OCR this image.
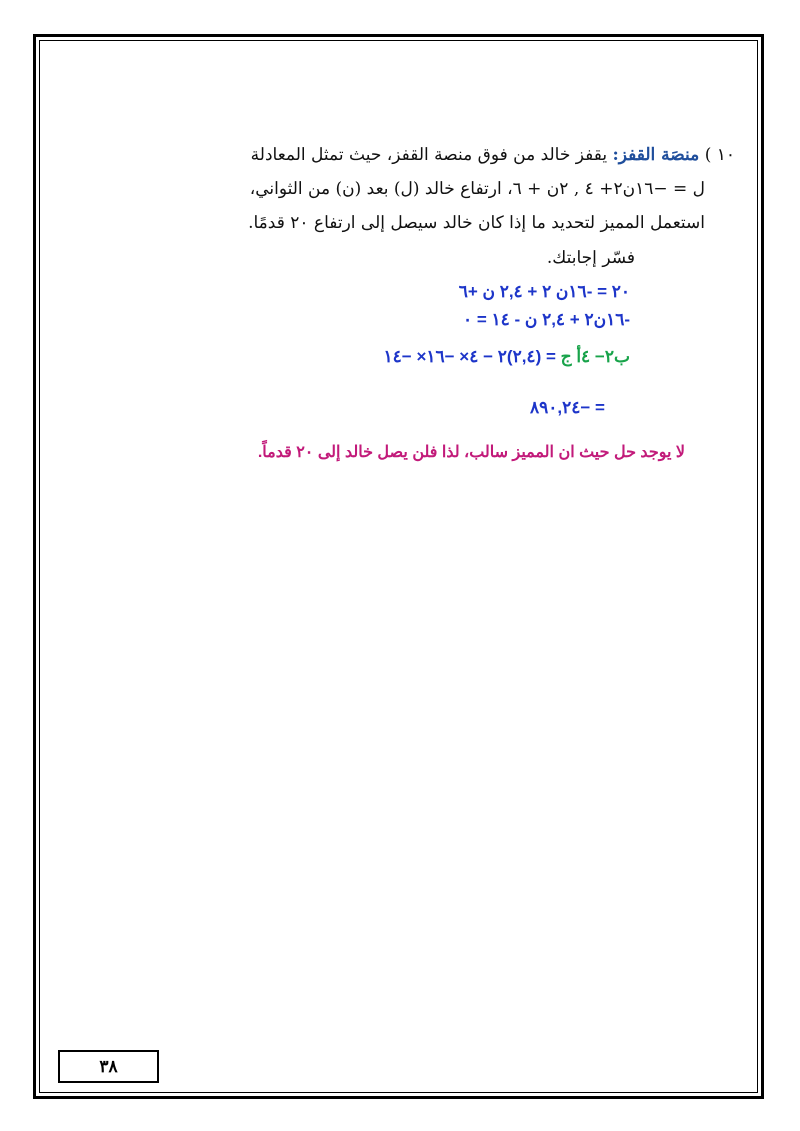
١٠ ) منصَة القفز: يقفز خالد من فوق منصة القفز، حيث تمثل المعادلة
ل = −١٦ن٢+ ٤ , ٢ن + ٦، ارتفاع خالد (ل) بعد (ن) من الثواني،
استعمل المميز لتحديد ما إذا كان خالد سيصل إلى ارتفاع ٢٠ قدمًا.
فسّر إجابتك.
٢٠ = -١٦ن ٢ + ٢,٤ ن +٦
-١٦ن٢ + ٢,٤ ن - ١٤ = ٠
ب٢− ٤أ ج = (٢,٤)٢ − ٤× −١٦× −١٤
= −٨٩٠,٢٤
لا يوجد حل حيث ان المميز سالب، لذا فلن يصل خالد إلى ٢٠ قدماً.
٣٨
